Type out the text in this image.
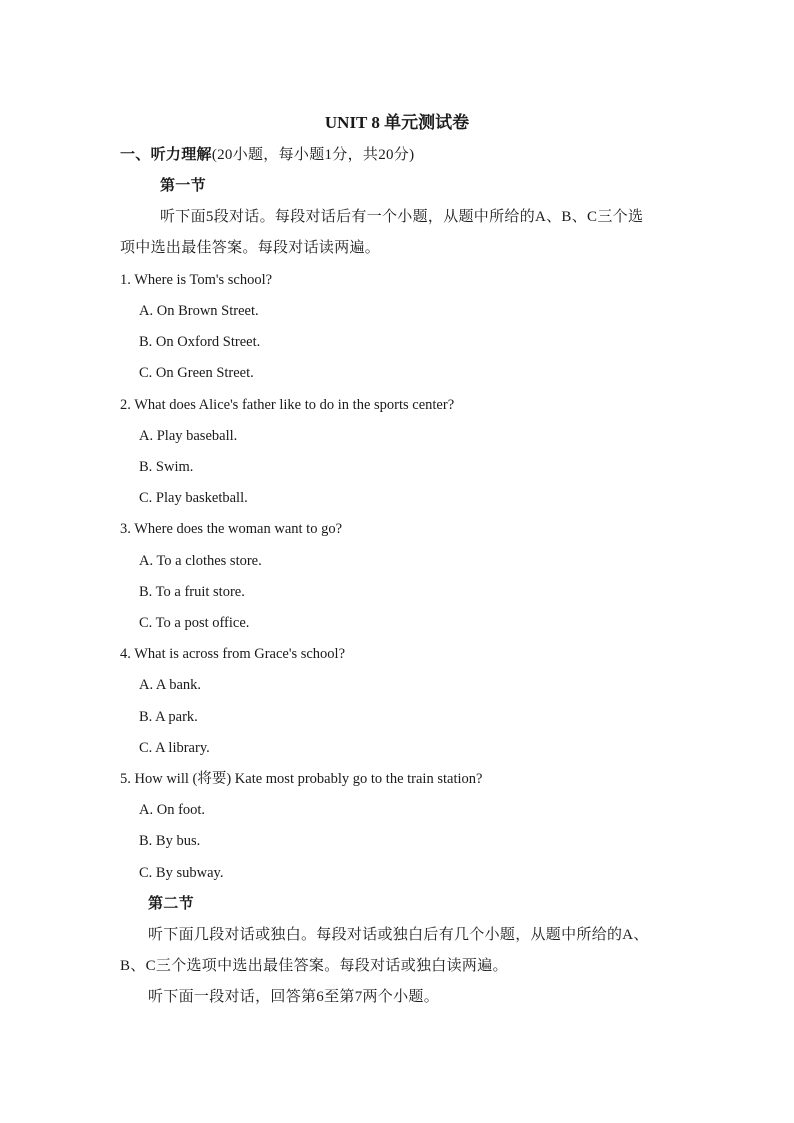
UNIT 8 单元测试卷
一、听力理解(20小题，每小题1分，共20分)
第一节
听下面5段对话。每段对话后有一个小题，从题中所给的A、B、C三个选
项中选出最佳答案。每段对话读两遍。
1. Where is Tom's school?
A. On Brown Street.
B. On Oxford Street.
C. On Green Street.
2. What does Alice's father like to do in the sports center?
A. Play baseball.
B. Swim.
C. Play basketball.
3. Where does the woman want to go?
A. To a clothes store.
B. To a fruit store.
C. To a post office.
4. What is across from Grace's school?
A. A bank.
B. A park.
C. A library.
5. How will (将要) Kate most probably go to the train station?
A. On foot.
B. By bus.
C. By subway.
第二节
听下面几段对话或独白。每段对话或独白后有几个小题，从题中所给的A、
B、C三个选项中选出最佳答案。每段对话或独白读两遍。
听下面一段对话，回答第6至第7两个小题。
